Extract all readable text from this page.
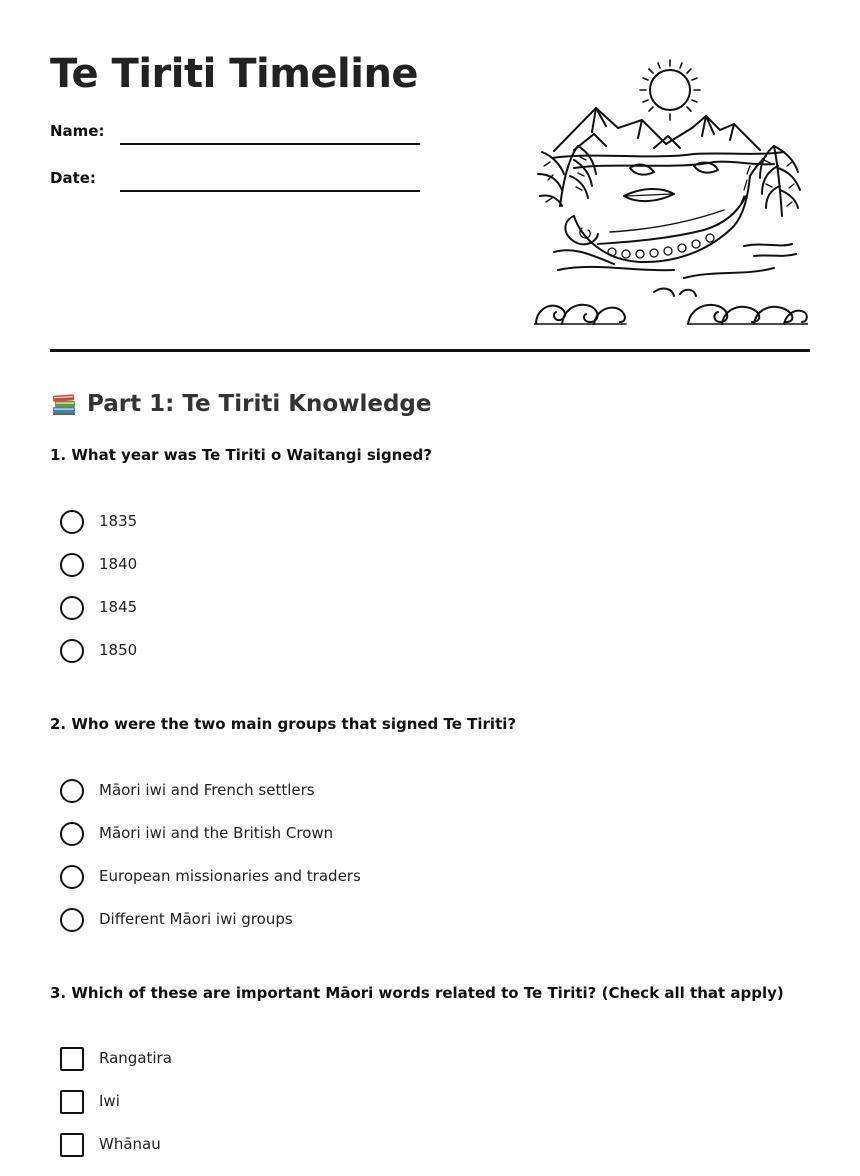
Te Tiriti Timeline
Name:
Date:
Part 1: Te Tiriti Knowledge
1. What year was Te Tiriti o Waitangi signed?
1835
1840
1845
1850
2. Who were the two main groups that signed Te Tiriti?
Māori iwi and French settlers
Māori iwi and the British Crown
European missionaries and traders
Different Māori iwi groups
3. Which of these are important Māori words related to Te Tiriti? (Check all that apply)
Rangatira
Iwi
Whānau
